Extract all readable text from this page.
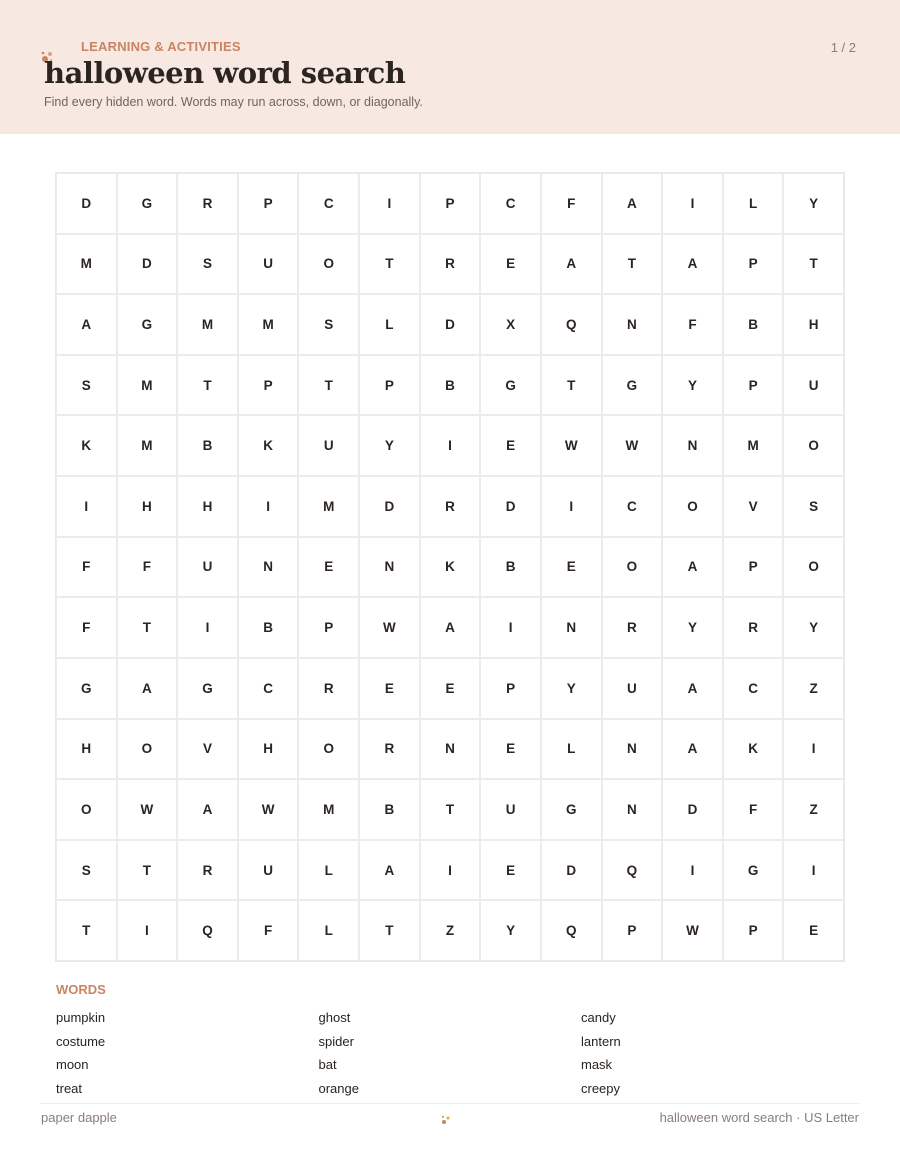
LEARNING & ACTIVITIES	1 / 2
halloween word search
Find every hidden word. Words may run across, down, or diagonally.
D	G	R	P	C	I	P	C	F	A	I	L	Y
M	D	S	U	O	T	R	E	A	T	A	P	T
A	G	M	M	S	L	D	X	Q	N	F	B	H
S	M	T	P	T	P	B	G	T	G	Y	P	U
K	M	B	K	U	Y	I	E	W	W	N	M	O
I	H	H	I	M	D	R	D	I	C	O	V	S
F	F	U	N	E	N	K	B	E	O	A	P	O
F	T	I	B	P	W	A	I	N	R	Y	R	Y
G	A	G	C	R	E	E	P	Y	U	A	C	Z
H	O	V	H	O	R	N	E	L	N	A	K	I
O	W	A	W	M	B	T	U	G	N	D	F	Z
S	T	R	U	L	A	I	E	D	Q	I	G	I
T	I	Q	F	L	T	Z	Y	Q	P	W	P	E
WORDS
pumpkin	ghost	candy
costume	spider	lantern
moon	bat	mask
treat	orange	creepy
paper dapple	halloween word search · US Letter
